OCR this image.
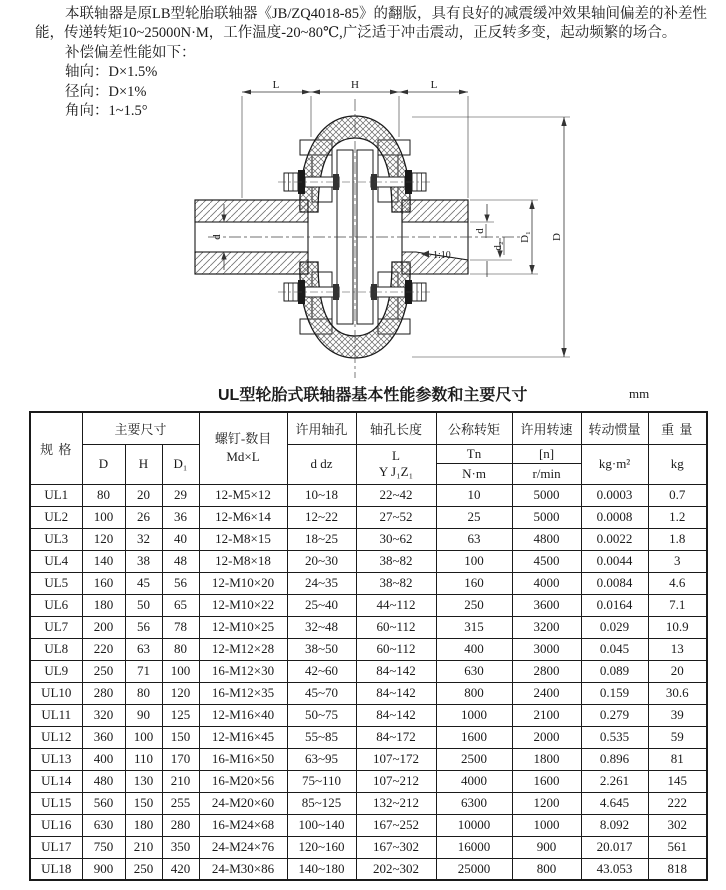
本联轴器是原LB型轮胎联轴器《JB/ZQ4018-85》的翻版，具有良好的减震缓冲效果轴间偏差的补差性
能，传递转矩10~25000N·M，工作温度-20~80℃,广泛适于冲击震动，正反转多变，起动频繁的场合。
补偿偏差性能如下：
轴向：D×1.5%
径向：D×1%
角向：1~1.5°
L	H	L
d
d
d₂
D₁ D
1:10
UL型轮胎式联轴器基本性能参数和主要尺寸	mm
规 格	主要尺寸			螺钉-数目
Md×L	许用轴孔	轴孔长度	公称转矩	许用转速	转动惯量	重 量
	D	H	D₁		d dz	L
Y J₁Z₁	Tn	[n]	kg·m²	kg
							N·m	r/min		
UL1	80	20	29	12-M5×12	10~18	22~42	10	5000	0.0003	0.7
UL2	100	26	36	12-M6×14	12~22	27~52	25	5000	0.0008	1.2
UL3	120	32	40	12-M8×15	18~25	30~62	63	4800	0.0022	1.8
UL4	140	38	48	12-M8×18	20~30	38~82	100	4500	0.0044	3
UL5	160	45	56	12-M10×20	24~35	38~82	160	4000	0.0084	4.6
UL6	180	50	65	12-M10×22	25~40	44~112	250	3600	0.0164	7.1
UL7	200	56	78	12-M10×25	32~48	60~112	315	3200	0.029	10.9
UL8	220	63	80	12-M12×28	38~50	60~112	400	3000	0.045	13
UL9	250	71	100	16-M12×30	42~60	84~142	630	2800	0.089	20
UL10	280	80	120	16-M12×35	45~70	84~142	800	2400	0.159	30.6
UL11	320	90	125	12-M16×40	50~75	84~142	1000	2100	0.279	39
UL12	360	100	150	12-M16×45	55~85	84~172	1600	2000	0.535	59
UL13	400	110	170	16-M16×50	63~95	107~172	2500	1800	0.896	81
UL14	480	130	210	16-M20×56	75~110	107~212	4000	1600	2.261	145
UL15	560	150	255	24-M20×60	85~125	132~212	6300	1200	4.645	222
UL16	630	180	280	16-M24×68	100~140	167~252	10000	1000	8.092	302
UL17	750	210	350	24-M24×76	120~160	167~302	16000	900	20.017	561
UL18	900	250	420	24-M30×86	140~180	202~302	25000	800	43.053	818
